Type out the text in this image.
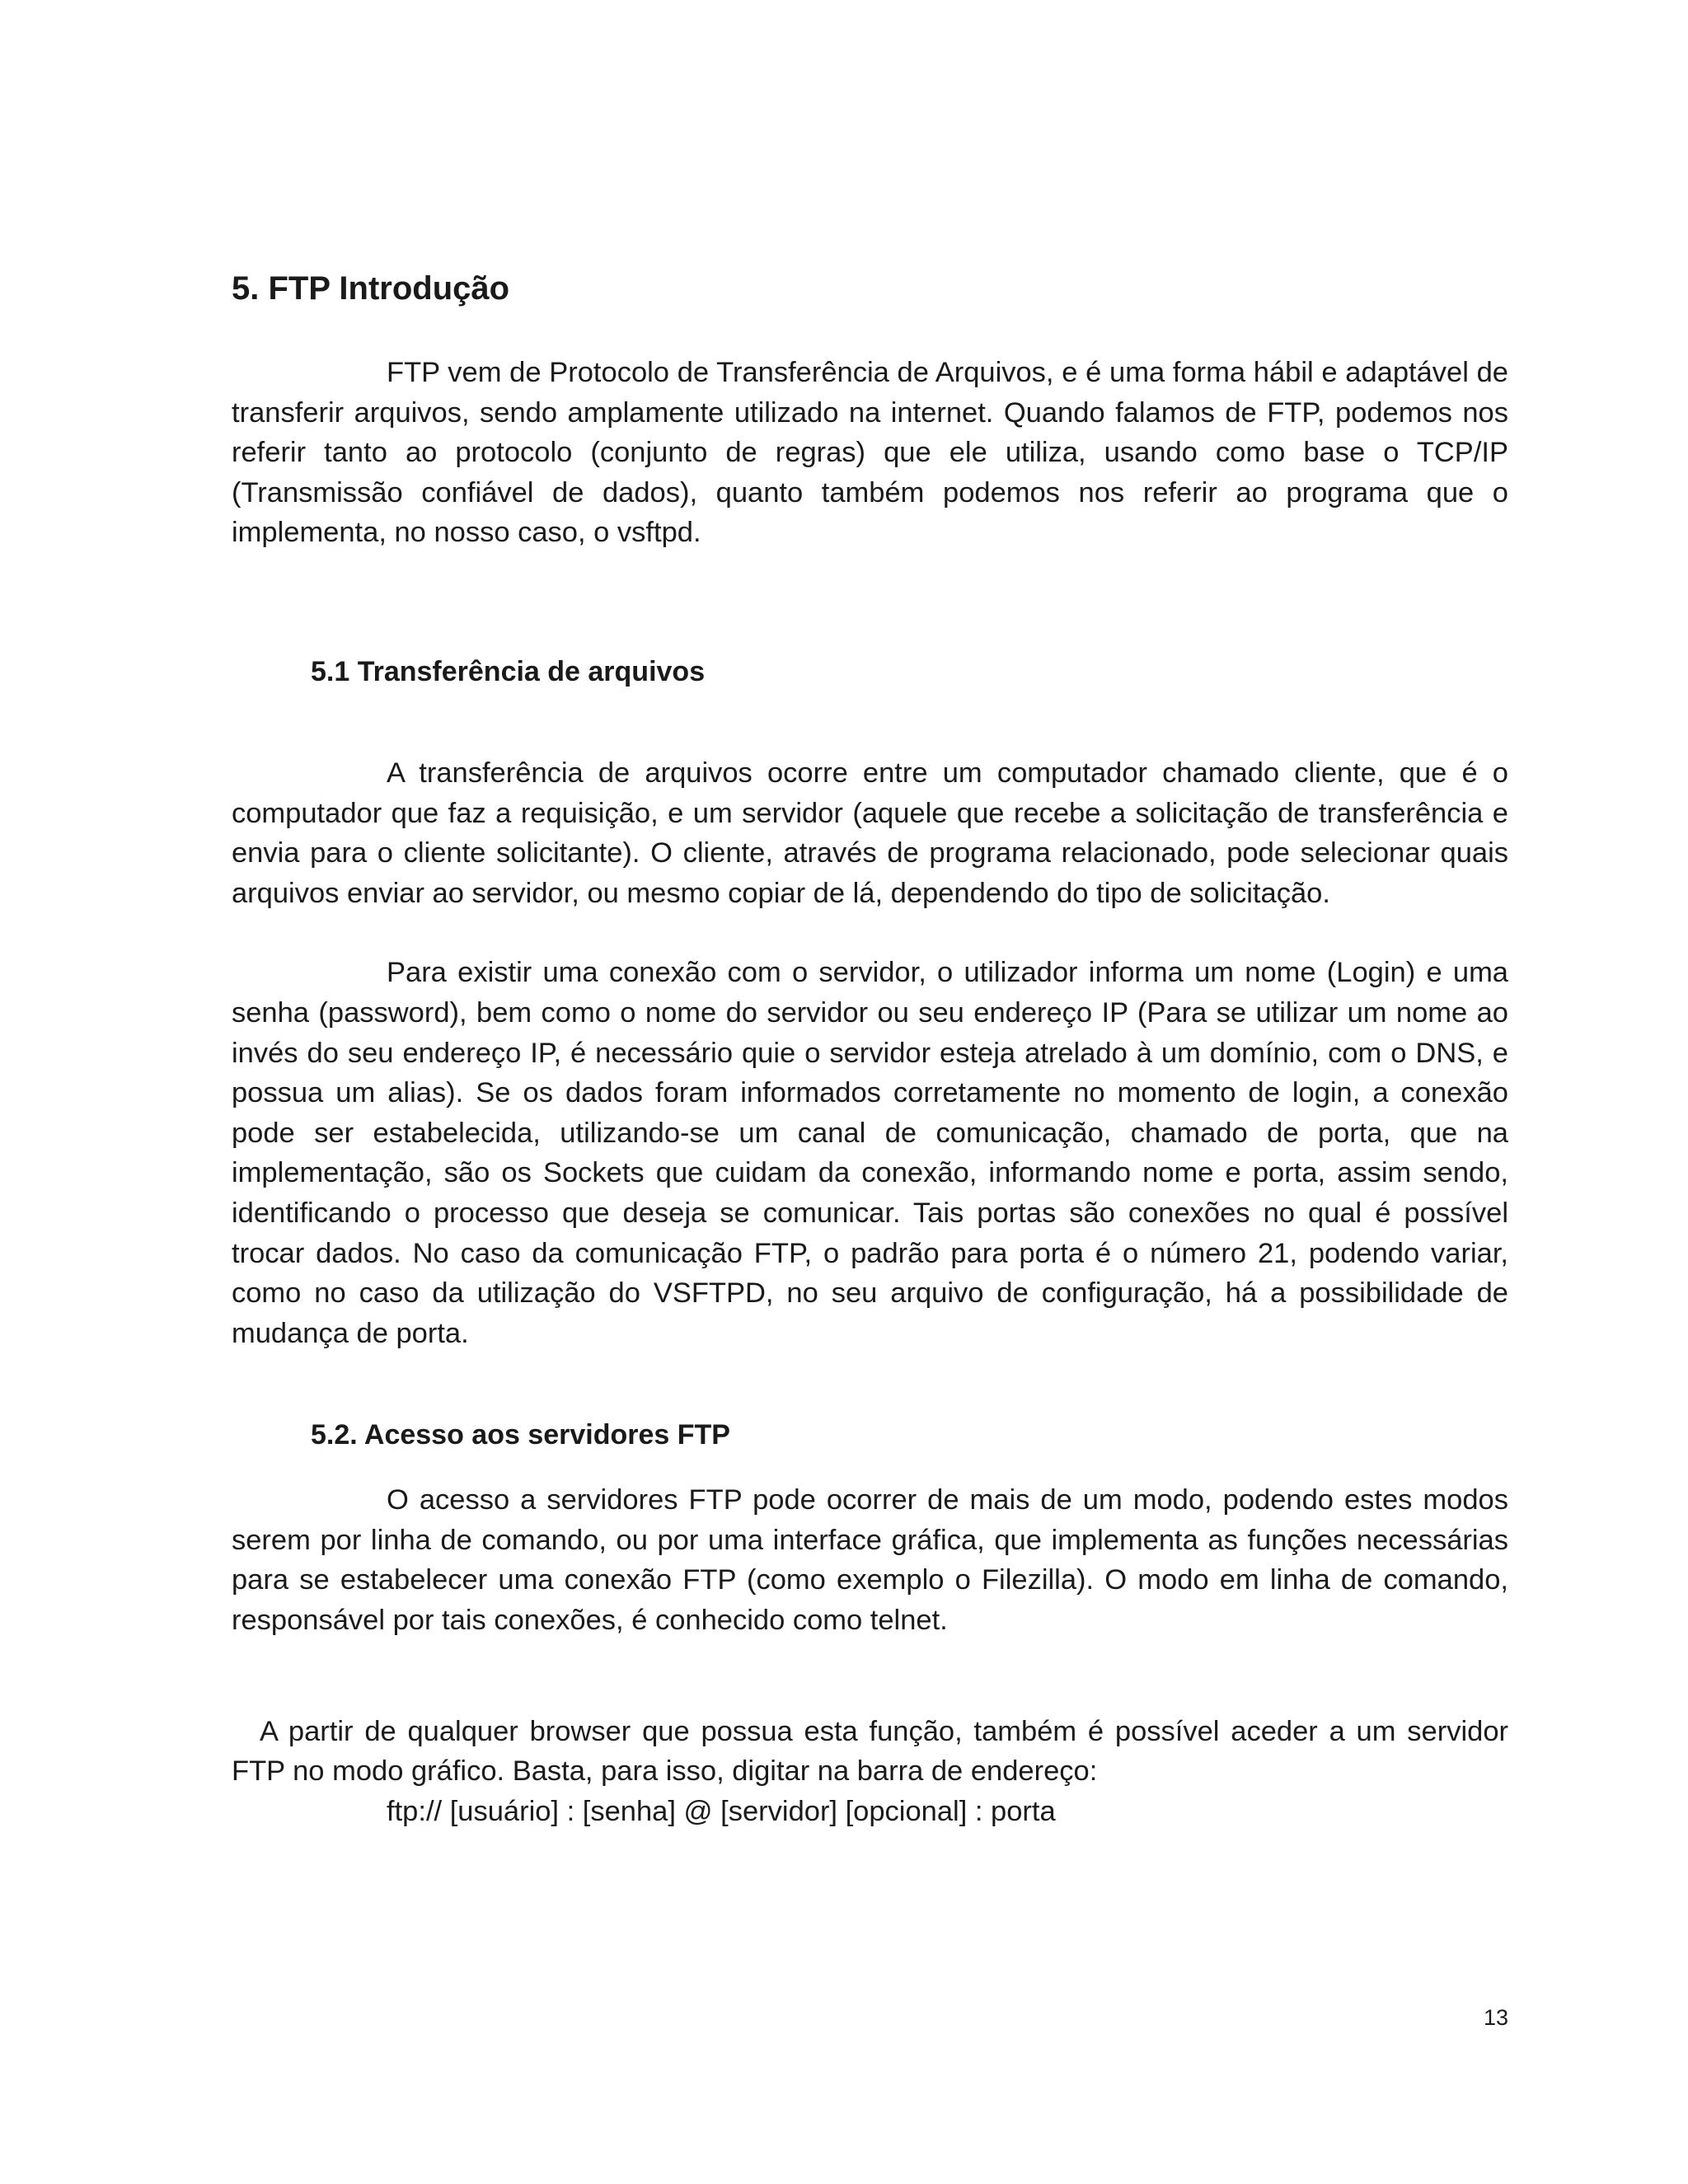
5. FTP Introdução

FTP vem de Protocolo de Transferência de Arquivos, e é uma forma hábil e adaptável de transferir arquivos, sendo amplamente utilizado na internet. Quando falamos de FTP, podemos nos referir tanto ao protocolo (conjunto de regras) que ele utiliza, usando como base o TCP/IP (Transmissão confiável de dados), quanto também podemos nos referir ao programa que o implementa, no nosso caso, o vsftpd.

5.1 Transferência de arquivos

A transferência de arquivos ocorre entre um computador chamado cliente, que é o computador que faz a requisição, e um servidor (aquele que recebe a solicitação de transferência e envia para o cliente solicitante). O cliente, através de programa relacionado, pode selecionar quais arquivos enviar ao servidor, ou mesmo copiar de lá, dependendo do tipo de solicitação.

Para existir uma conexão com o servidor, o utilizador informa um nome (Login) e uma senha (password), bem como o nome do servidor ou seu endereço IP (Para se utilizar um nome ao invés do seu endereço IP, é necessário quie o servidor esteja atrelado à um domínio, com o DNS, e possua um alias). Se os dados foram informados corretamente no momento de login, a conexão pode ser estabelecida, utilizando-se um canal de comunicação, chamado de porta, que na implementação, são os Sockets que cuidam da conexão, informando nome e porta, assim sendo, identificando o processo que deseja se comunicar. Tais portas são conexões no qual é possível trocar dados. No caso da comunicação FTP, o padrão para porta é o número 21, podendo variar, como no caso da utilização do VSFTPD, no seu arquivo de configuração, há a possibilidade de mudança de porta.

5.2. Acesso aos servidores FTP

O acesso a servidores FTP pode ocorrer de mais de um modo, podendo estes modos serem por linha de comando, ou por uma interface gráfica, que implementa as funções necessárias para se estabelecer uma conexão FTP (como exemplo o Filezilla). O modo em linha de comando, responsável por tais conexões, é conhecido como telnet.

A partir de qualquer browser que possua esta função, também é possível aceder a um servidor FTP no modo gráfico. Basta, para isso, digitar na barra de endereço:

ftp:// [usuário] : [senha] @ [servidor] [opcional] : porta

13
